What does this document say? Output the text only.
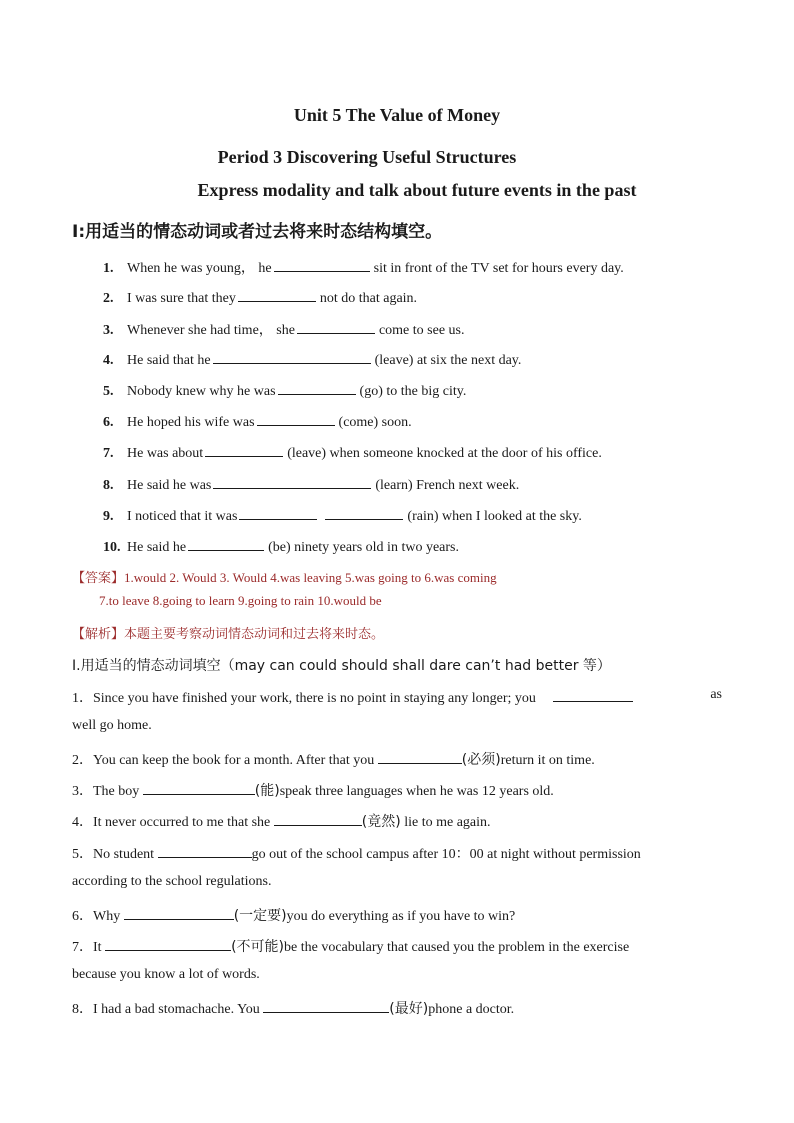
Unit 5 The Value of Money
Period 3 Discovering Useful Structures
Express modality and talk about future events in the past
I:用适当的情态动词或者过去将来时态结构填空。
1. When he was young， he	sit in front of the TV set for hours every day.
2. I was sure that they	not do that again.
3. Whenever she had time， she	come to see us.
4. He said that he	(leave) at six the next day.
5. Nobody knew why he was	(go) to the big city.
6. He hoped his wife was	(come) soon.
7. He was about	(leave) when someone knocked at the door of his office.
8. He said he was	(learn) French next week.
9. I noticed that it was	(rain) when I looked at the sky.
10. He said he	(be) ninety years old in two years.
【答案】1.would 2. Would 3. Would 4.was leaving 5.was going to 6.was coming
7.to leave 8.going to learn 9.going to rain 10.would be
【解析】本题主要考察动词情态动词和过去将来时态。
Ⅰ.用适当的情态动词填空（may can could should shall dare can’t had better 等）
1．Since you have finished your work, there is no point in staying any longer; you	as
well go home.
2．You can keep the book for a month. After that you	(必须)return it on time.
3．The boy	(能)speak three languages when he was 12 years old.
4．It never occurred to me that she	(竟然) lie to me again.
5．No student	go out of the school campus after 10：00 at night without permission
according to the school regulations.
6．Why	(一定要)you do everything as if you have to win?
7．It	(不可能)be the vocabulary that caused you the problem in the exercise
because you know a lot of words.
8．I had a bad stomachache. You	(最好)phone a doctor.
